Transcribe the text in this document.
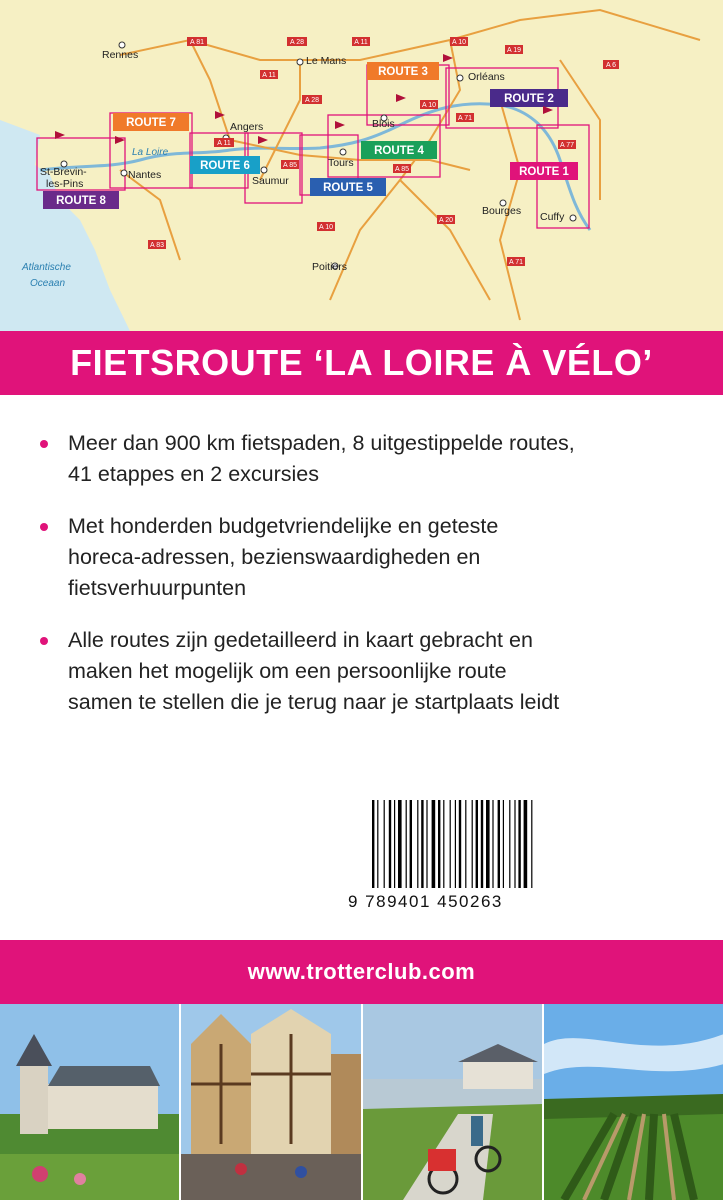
ROUTE 1
ROUTE 2
ROUTE 3
ROUTE 4
ROUTE 5
ROUTE 6
ROUTE 7
ROUTE 8
Rennes	Le Mans
Orléans
Angers	Blois
Tours
Saumur
Nantes
St-Brevin-
les-Pins
Bourges Cuffy
Poitiers
Atlantische
Oceaan
La Loire
A 81	A 11
A 28	A 10
A 19
A 6
A 11
A 28
A 10
A 71
A 11
A 85
A 85
A 77
A 83
A 10
A 20
A 71
FIETSROUTE ‘LA LOIRE À VÉLO’
Meer dan 900 km fietspaden, 8 uitgestippelde routes,
41 etappes en 2 excursies
Met honderden budgetvriendelijke en geteste
horeca-adressen, bezienswaardigheden en
fietsverhuurpunten
Alle routes zijn gedetailleerd in kaart gebracht en
maken het mogelijk om een persoonlijke route
samen te stellen die je terug naar je startplaats leidt
9 789401 450263
www.trotterclub.com
